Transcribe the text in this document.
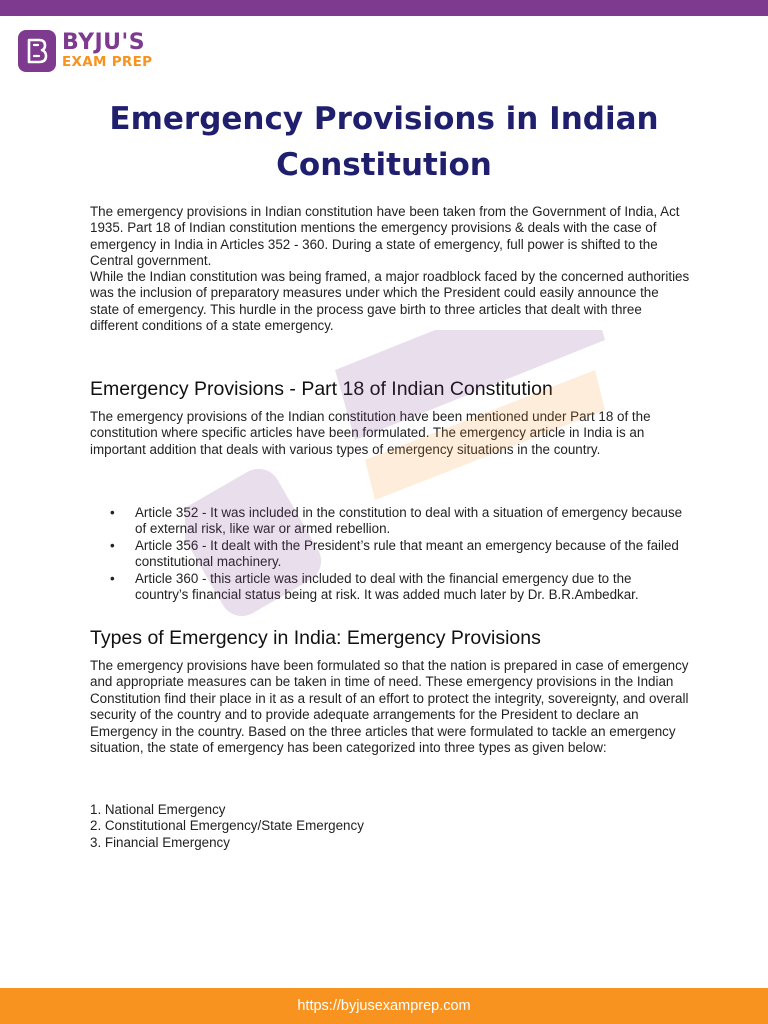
BYJU'S
EXAM PREP
Emergency Provisions in Indian
Constitution

The emergency provisions in Indian constitution have been taken from the Government of India, Act 1935. Part 18 of Indian constitution mentions the emergency provisions & deals with the case of emergency in India in Articles 352 - 360. During a state of emergency, full power is shifted to the Central government.

While the Indian constitution was being framed, a major roadblock faced by the concerned authorities was the inclusion of preparatory measures under which the President could easily announce the state of emergency. This hurdle in the process gave birth to three articles that dealt with three different conditions of a state emergency.

Emergency Provisions - Part 18 of Indian Constitution

The emergency provisions of the Indian constitution have been mentioned under Part 18 of the constitution where specific articles have been formulated. The emergency article in India is an important addition that deals with various types of emergency situations in the country.

• Article 352 - It was included in the constitution to deal with a situation of emergency because of external risk, like war or armed rebellion.
• Article 356 - It dealt with the President’s rule that meant an emergency because of the failed constitutional machinery.
• Article 360 - this article was included to deal with the financial emergency due to the country’s financial status being at risk. It was added much later by Dr. B.R.Ambedkar.
Types of Emergency in India: Emergency Provisions

The emergency provisions have been formulated so that the nation is prepared in case of emergency and appropriate measures can be taken in time of need. These emergency provisions in the Indian Constitution find their place in it as a result of an effort to protect the integrity, sovereignty, and overall security of the country and to provide adequate arrangements for the President to declare an Emergency in the country. Based on the three articles that were formulated to tackle an emergency situation, the state of emergency has been categorized into three types as given below:

1. National Emergency
2. Constitutional Emergency/State Emergency
3. Financial Emergency
https://byjusexamprep.com
